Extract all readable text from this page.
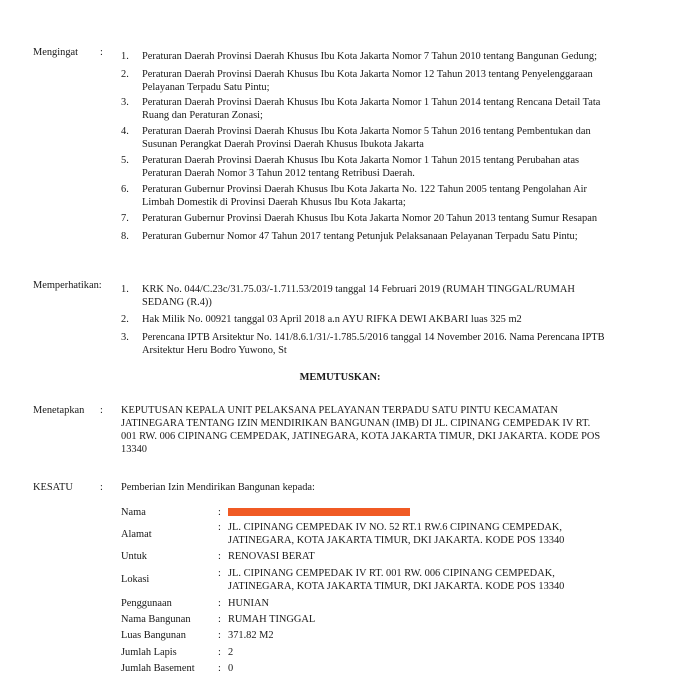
Mengingat : 1.	Peraturan Daerah Provinsi Daerah Khusus Ibu Kota Jakarta Nomor 7 Tahun 2010 tentang Bangunan Gedung;
2.	Peraturan Daerah Provinsi Daerah Khusus Ibu Kota Jakarta Nomor 12 Tahun 2013 tentang Penyelenggaraan
Pelayanan Terpadu Satu Pintu;
3.	Peraturan Daerah Provinsi Daerah Khusus Ibu Kota Jakarta Nomor 1 Tahun 2014 tentang Rencana Detail Tata
Ruang dan Peraturan Zonasi;
4.	Peraturan Daerah Provinsi Daerah Khusus Ibu Kota Jakarta Nomor 5 Tahun 2016 tentang Pembentukan dan
Susunan Perangkat Daerah Provinsi Daerah Khusus Ibukota Jakarta
5.	Peraturan Daerah Provinsi Daerah Khusus Ibu Kota Jakarta Nomor 1 Tahun 2015 tentang Perubahan atas
Peraturan Daerah Nomor 3 Tahun 2012 tentang Retribusi Daerah.
6.	Peraturan Gubernur Provinsi Daerah Khusus Ibu Kota Jakarta No. 122 Tahun 2005 tentang Pengolahan Air
Limbah Domestik di Provinsi Daerah Khusus Ibu Kota Jakarta;
7.	Peraturan Gubernur Provinsi Daerah Khusus Ibu Kota Jakarta Nomor 20 Tahun 2013 tentang Sumur Resapan
8.	Peraturan Gubernur Nomor 47 Tahun 2017 tentang Petunjuk Pelaksanaan Pelayanan Terpadu Satu Pintu;
Memperhatikan: 1.	KRK No. 044/C.23c/31.75.03/-1.711.53/2019 tanggal 14 Februari 2019 (RUMAH TINGGAL/RUMAH
SEDANG (R.4))
2.	Hak Milik No. 00921 tanggal 03 April 2018 a.n AYU RIFKA DEWI AKBARI luas 325 m2
3.	Perencana IPTB Arsitektur No. 141/8.6.1/31/-1.785.5/2016 tanggal 14 November 2016. Nama Perencana IPTB
Arsitektur Heru Bodro Yuwono, St
MEMUTUSKAN:
Menetapkan : KEPUTUSAN KEPALA UNIT PELAKSANA PELAYANAN TERPADU SATU PINTU KECAMATAN
JATINEGARA TENTANG IZIN MENDIRIKAN BANGUNAN (IMB) DI JL. CIPINANG CEMPEDAK IV RT.
001 RW. 006 CIPINANG CEMPEDAK, JATINEGARA, KOTA JAKARTA TIMUR, DKI JAKARTA. KODE POS
13340
KESATU	: Pemberian Izin Mendirikan Bangunan kepada:
Nama	:
Alamat
: JL. CIPINANG CEMPEDAK IV NO. 52 RT.1 RW.6 CIPINANG CEMPEDAK,
JATINEGARA, KOTA JAKARTA TIMUR, DKI JAKARTA. KODE POS 13340
Untuk	: RENOVASI BERAT
Lokasi
: JL. CIPINANG CEMPEDAK IV RT. 001 RW. 006 CIPINANG CEMPEDAK,
JATINEGARA, KOTA JAKARTA TIMUR, DKI JAKARTA. KODE POS 13340
Penggunaan	: HUNIAN
Nama Bangunan	: RUMAH TINGGAL
Luas Bangunan	: 371.82 M2
Jumlah Lapis	: 2
Jumlah Basement : 0
